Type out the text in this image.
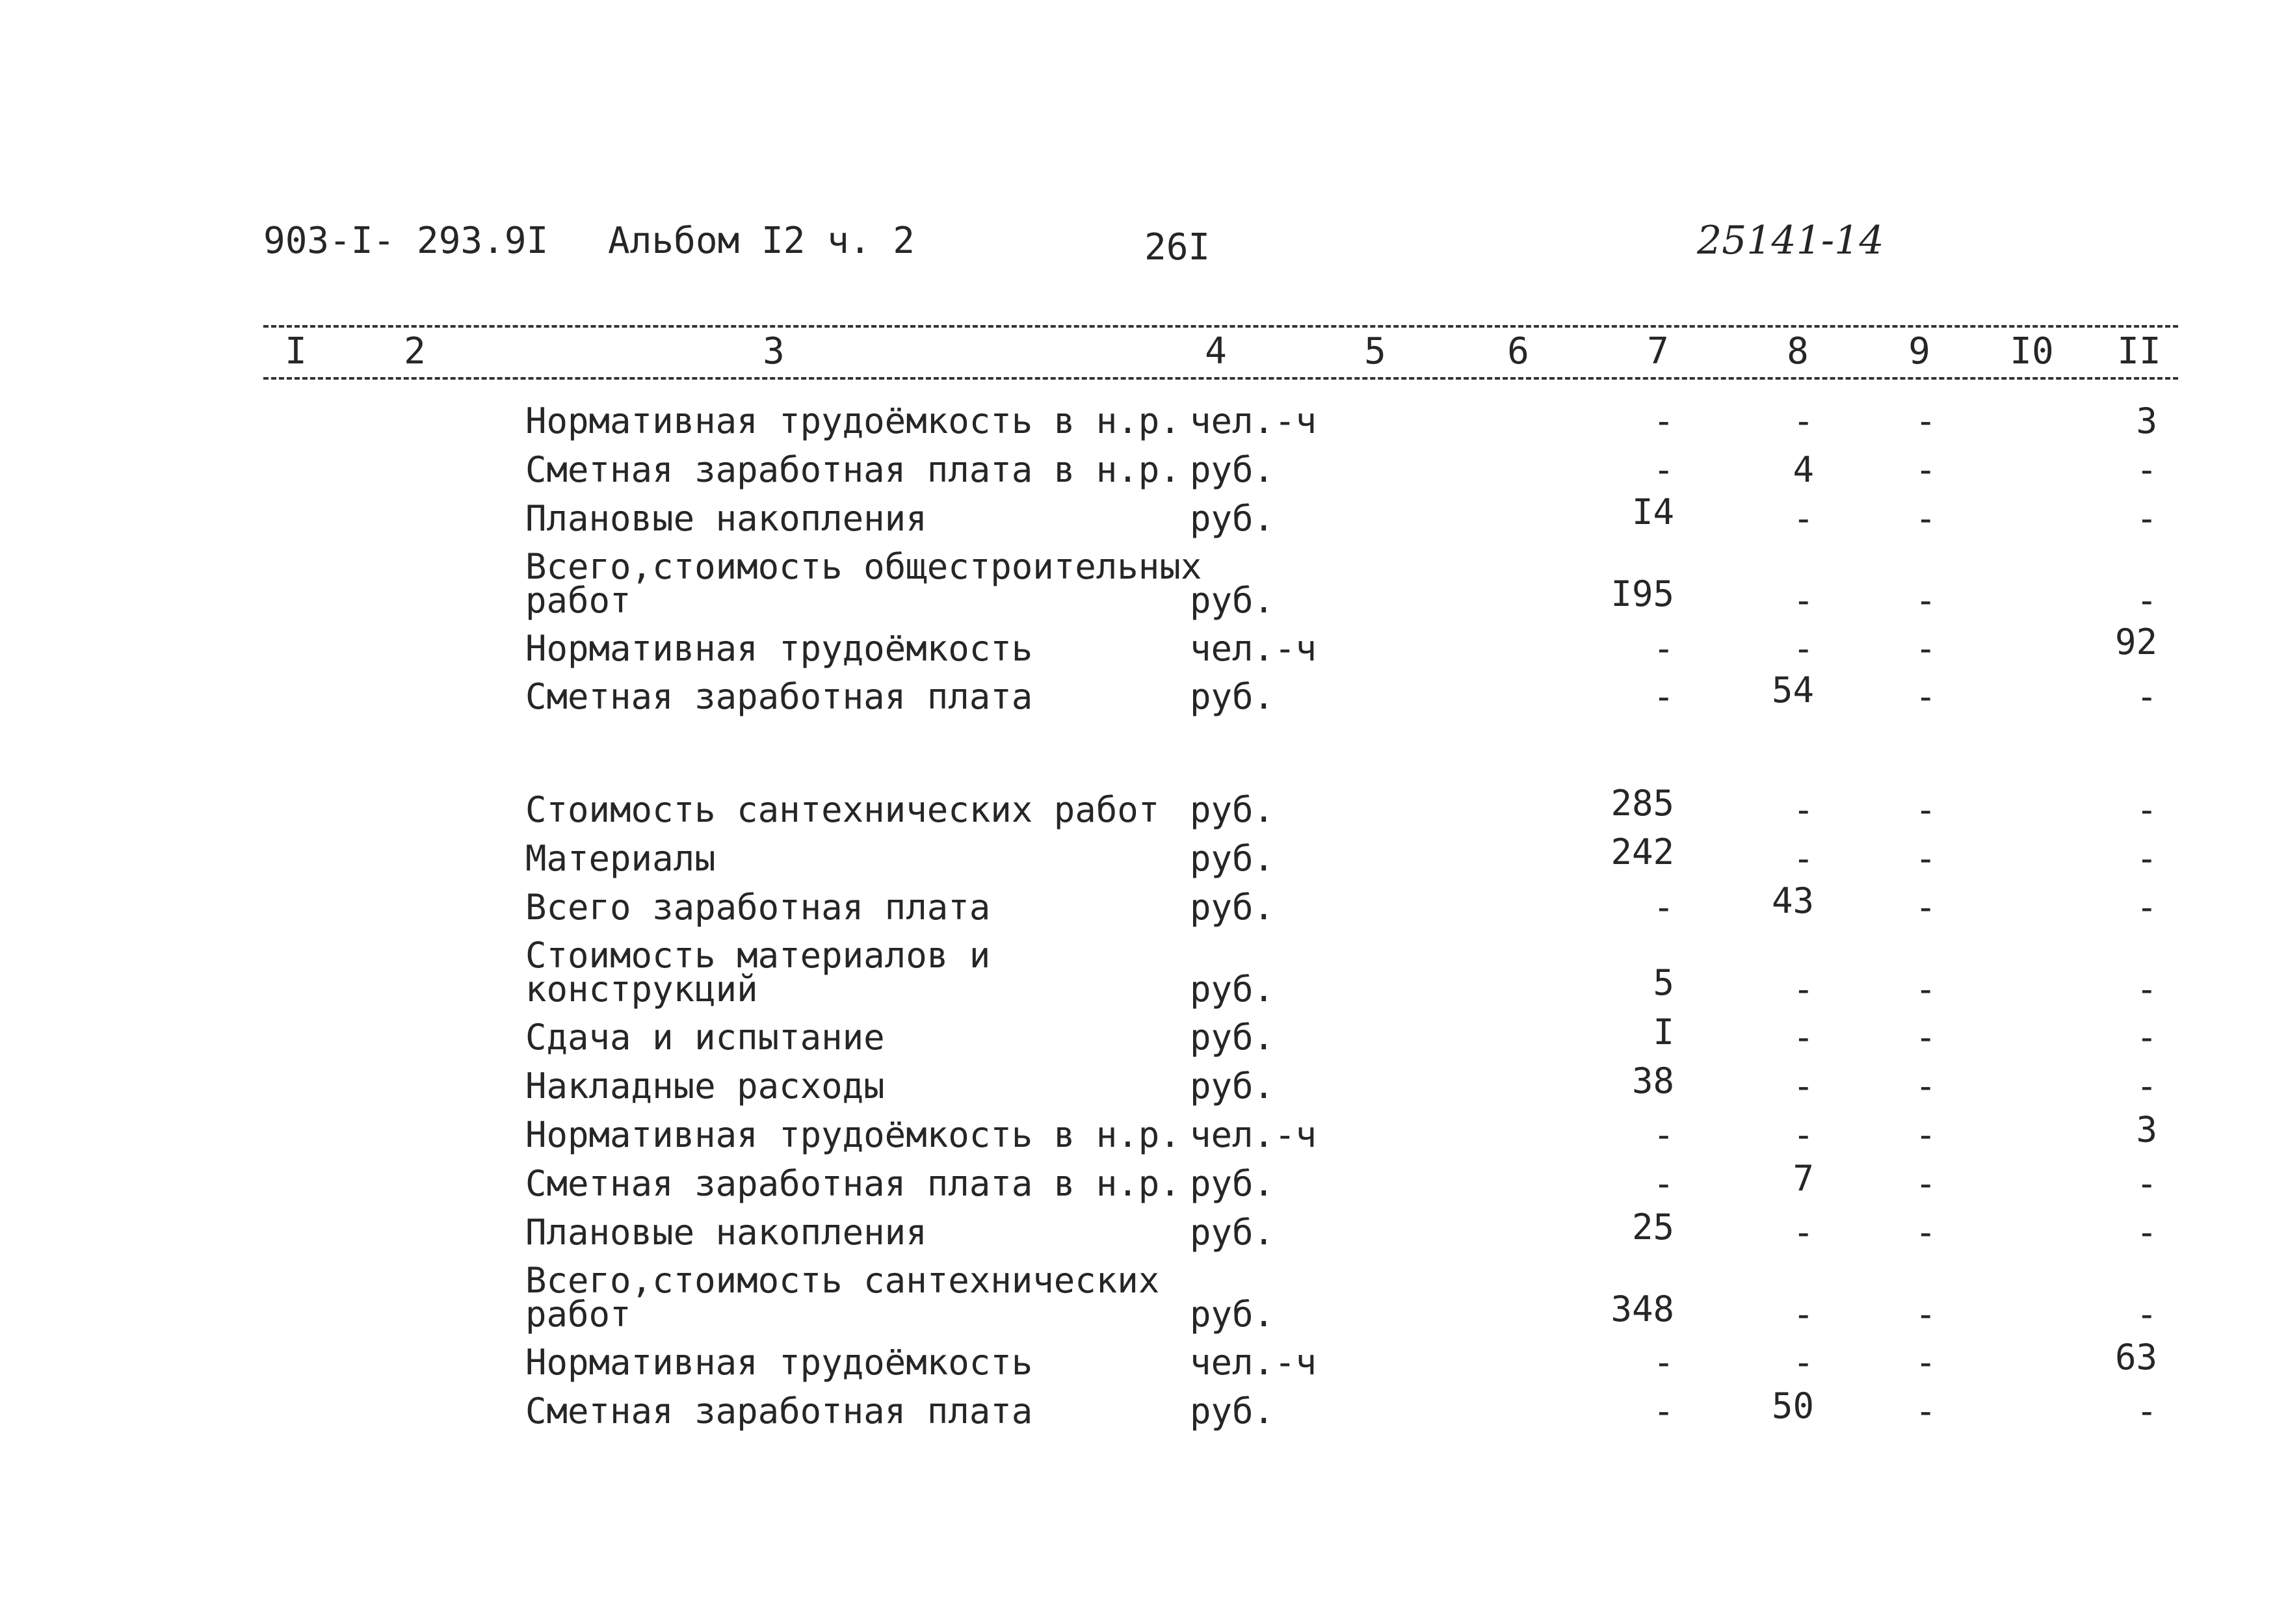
903-I- 293.9I Альбом I2 ч. 2	26I	25141-14
I	2	3	4	5	6	7	8	9 I0 II
Нормативная трудоёмкость в н.р. чел.-ч	-	-	-	3
Сметная заработная плата в н.р. руб.	-	4	-	-
Плановые накопления	руб.	I4	-	-	-
Всего,стоимость общестроительных
работ	руб.	I95	-	-	-
Нормативная трудоёмкость	чел.-ч	-	-	-	92
Сметная заработная плата	руб.	-	54	-	-
Стоимость сантехнических работ руб.	285	-	-	-
Материалы	руб.	242	-	-	-
Всего заработная плата	руб.	-	43	-	-
Стоимость материалов и
конструкций	руб.	5	-	-	-
Сдача и испытание	руб.	I	-	-	-
Накладные расходы	руб.	38	-	-	-
Нормативная трудоёмкость в н.р. чел.-ч	-	-	-	3
Сметная заработная плата в н.р. руб.	-	7	-	-
Плановые накопления	руб.	25	-	-	-
Всего,стоимость сантехнических
работ	руб.	348	-	-	-
Нормативная трудоёмкость	чел.-ч	-	-	-	63
Сметная заработная плата	руб.	-	50	-	-
